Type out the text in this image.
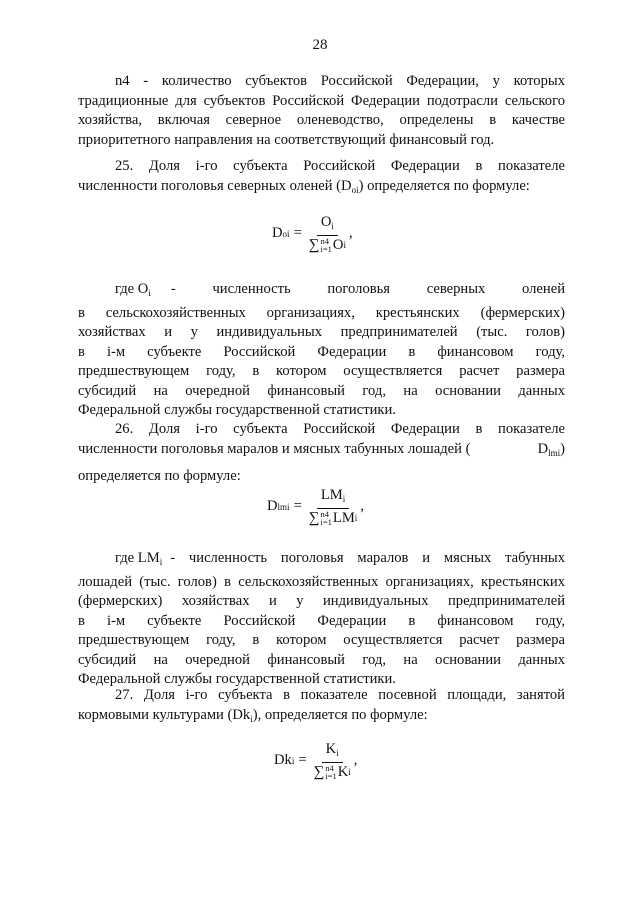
28
n4 - количество субъектов Российской Федерации, у которых
традиционные для субъектов Российской Федерации подотрасли сельского
хозяйства, включая северное оленеводство, определены в качестве
приоритетного направления на соответствующий финансовый год.
25. Доля i-го субъекта Российской Федерации в показателе
численности поголовья северных оленей $(D_{oi})$ определяется по формуле:
D oi = $O_i$
∑ n4
i=1 O i ,
где $O_i$ - численность поголовья северных оленей
в сельскохозяйственных организациях, крестьянских (фермерских)
хозяйствах и у индивидуальных предпринимателей (тыс. голов)
в i-м субъекте Российской Федерации в финансовом году,
предшествующем году, в котором осуществляется расчет размера
субсидий на очередной финансовый год, на основании данных
Федеральной службы государственной статистики.
26. Доля i-го субъекта Российской Федерации в показателе
численности поголовья маралов и мясных табунных лошадей (	$D_{lmi}$)
определяется по формуле:
D lmi = $LM_i$
∑ n4
i=1 LM i ,
где $LM_i$ - численность поголовья маралов и мясных табунных
лошадей (тыс. голов) в сельскохозяйственных организациях, крестьянских
(фермерских) хозяйствах и у индивидуальных предпринимателей
в i-м субъекте Российской Федерации в финансовом году,
предшествующем году, в котором осуществляется расчет размера
субсидий на очередной финансовый год, на основании данных
Федеральной службы государственной статистики.
27. Доля i-го субъекта в показателе посевной площади, занятой
кормовыми культурами $(Dk_i)$, определяется по формуле:
Dk $i = K_i$
∑ n4
i=1 K i ,
